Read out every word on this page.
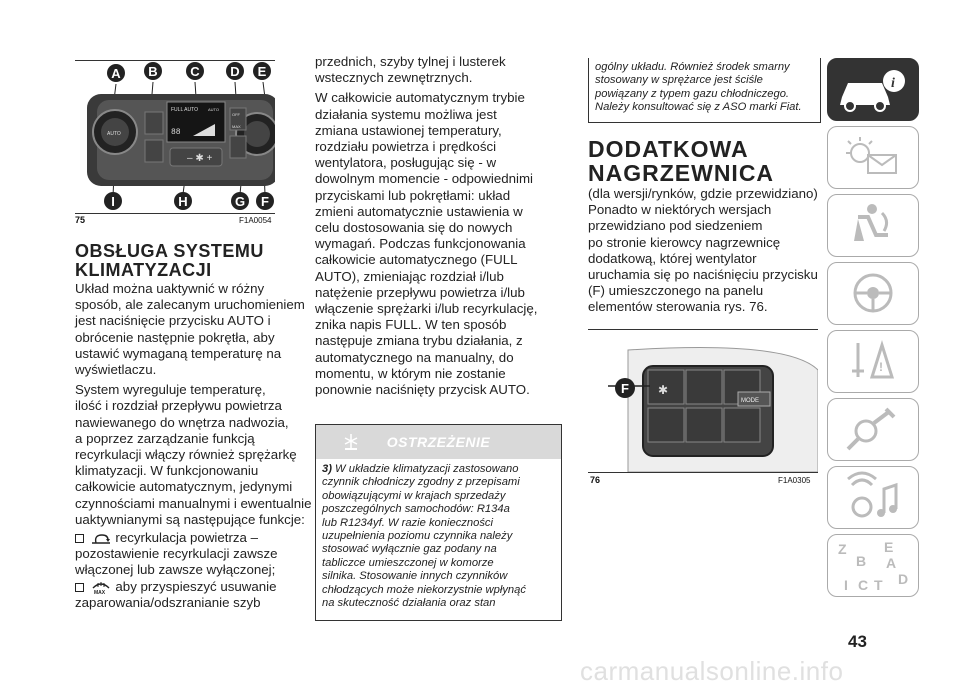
FULL AUTO
88
– ✱ +
AUTO
OFF
MAX
AUTO
A	B	C	D	E
I	H	G	F
75	F1A0054
OBSŁUGA SYSTEMU
KLIMATYZACJI

Układ można uaktywnić w różny
sposób, ale zalecanym uruchomieniem
jest naciśnięcie przycisku AUTO i
obrócenie następnie pokrętła, aby
ustawić wymaganą temperaturę na
wyświetlaczu.

System wyreguluje temperaturę,
ilość i rozdział przepływu powietrza
nawiewanego do wnętrza nadwozia,
a poprzez zarządzanie funkcją
recyrkulacji włączy również sprężarkę
klimatyzacji. W funkcjonowaniu
całkowicie automatycznym, jedynymi
czynnościami manualnymi i ewentualnie
uaktywnianymi są następujące funkcje:

recyrkulacja powietrza –
pozostawienie recyrkulacji zawsze
włączonej lub zawsze wyłączonej;

MAX aby przyspieszyć usuwanie
zaparowania/odszranianie szyb

przednich, szyby tylnej i lusterek
wstecznych zewnętrznych.

W całkowicie automatycznym trybie
działania systemu możliwa jest
zmiana ustawionej temperatury,
rozdziału powietrza i prędkości
wentylatora, posługując się - w
dowolnym momencie - odpowiednimi
przyciskami lub pokrętłami: układ
zmieni automatycznie ustawienia w
celu dostosowania się do nowych
wymagań. Podczas funkcjonowania
całkowicie automatycznego (FULL
AUTO), zmieniając rozdział i/lub
natężenie przepływu powietrza i/lub
włączenie sprężarki i/lub recyrkulację,
znika napis FULL. W ten sposób
następuje zmiana trybu działania, z
automatycznego na manualny, do
momentu, w którym nie zostanie
ponownie naciśnięty przycisk AUTO.

OSTRZEŻENIE
3) W układzie klimatyzacji zastosowano
czynnik chłodniczy zgodny z przepisami
obowiązującymi w krajach sprzedaży
poszczególnych samochodów: R134a
lub R1234yf. W razie konieczności
uzupełnienia poziomu czynnika należy
stosować wyłącznie gaz podany na
tabliczce umieszczonej w komorze
silnika. Stosowanie innych czynników
chłodzących może niekorzystnie wpłynąć
na skuteczność działania oraz stan
ogólny układu. Również środek smarny
stosowany w sprężarce jest ściśle
powiązany z typem gazu chłodniczego.
Należy konsultować się z ASO marki Fiat.
DODATKOWA
NAGRZEWNICA
(dla wersji/rynków, gdzie przewidziano)
Ponadto w niektórych wersjach
przewidziano pod siedzeniem
po stronie kierowcy nagrzewnicę
dodatkową, której wentylator
uruchamia się po naciśnięciu przycisku
(F) umieszczonego na panelu
elementów sterowania rys. 76.
MODE
✱
F
76	F1A0305
i
!
Z	E
B A
D
I C T
43
carmanualsonline.info
